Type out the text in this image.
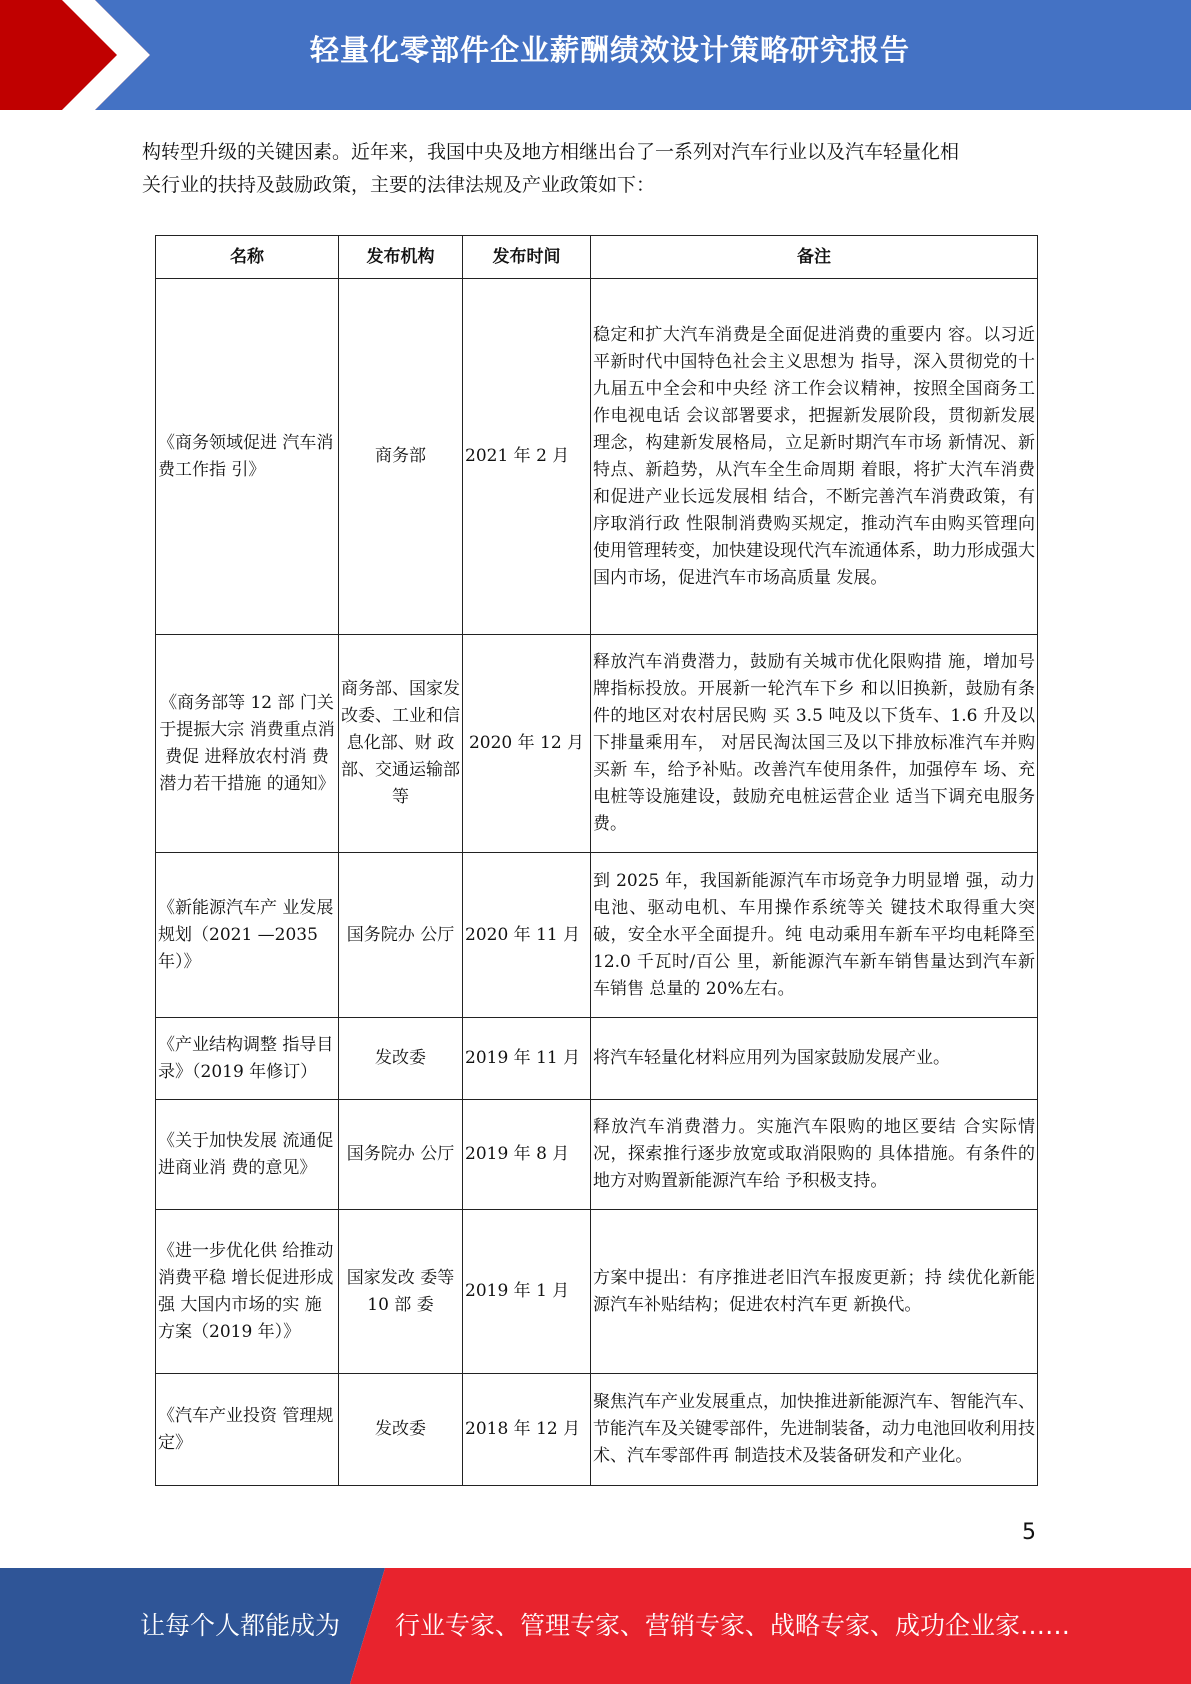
轻量化零部件企业薪酬绩效设计策略研究报告

构转型升级的关键因素。近年来，我国中央及地方相继出台了一系列对汽车行业以及汽车轻量化相

关行业的扶持及鼓励政策，主要的法律法规及产业政策如下：

名称	发布机构	发布时间	备注
《商务领域促进 汽车消费工作指 引》	商务部	2021 年 2 月	稳定和扩大汽车消费是全面促进消费的重要内 容。以习近平新时代中国特色社会主义思想为 指导，深入贯彻党的十九届五中全会和中央经 济工作会议精神，按照全国商务工作电视电话 会议部署要求，把握新发展阶段，贯彻新发展 理念，构建新发展格局，立足新时期汽车市场 新情况、新特点、新趋势，从汽车全生命周期 着眼，将扩大汽车消费和促进产业长远发展相 结合，不断完善汽车消费政策，有序取消行政 性限制消费购买规定，推动汽车由购买管理向 使用管理转变，加快建设现代汽车流通体系，助力形成强大国内市场，促进汽车市场高质量 发展。
《商务部等 12 部 门关于提振大宗 消费重点消费促 进释放农村消 费潜力若干措施 的通知》	商务部、国家发改委、工业和信 息化部、财 政部、交通运输部等	2020 年 12 月	释放汽车消费潜力，鼓励有关城市优化限购措 施，增加号牌指标投放。开展新一轮汽车下乡 和以旧换新，鼓励有条件的地区对农村居民购 买 3.5 吨及以下货车、1.6 升及以下排量乘用车， 对居民淘汰国三及以下排放标准汽车并购买新 车，给予补贴。改善汽车使用条件，加强停车 场、充电桩等设施建设，鼓励充电桩运营企业 适当下调充电服务费。
《新能源汽车产 业发展规划（2021 —2035 年）》	国务院办 公厅	2020 年 11 月	到 2025 年，我国新能源汽车市场竞争力明显增 强，动力电池、驱动电机、车用操作系统等关 键技术取得重大突破，安全水平全面提升。纯 电动乘用车新车平均电耗降至 12.0 千瓦时/百公 里，新能源汽车新车销售量达到汽车新车销售 总量的 20%左右。
《产业结构调整 指导目录》（2019 年修订）	发改委	2019 年 11 月	将汽车轻量化材料应用列为国家鼓励发展产业。
《关于加快发展 流通促进商业消 费的意见》	国务院办 公厅	2019 年 8 月	释放汽车消费潜力。实施汽车限购的地区要结 合实际情况，探索推行逐步放宽或取消限购的 具体措施。有条件的地方对购置新能源汽车给 予积极支持。
《进一步优化供 给推动消费平稳 增长促进形成强 大国内市场的实 施方案（2019 年）》	国家发改 委等 10 部 委	2019 年 1 月	方案中提出：有序推进老旧汽车报废更新；持 续优化新能源汽车补贴结构；促进农村汽车更 新换代。
《汽车产业投资 管理规定》	发改委	2018 年 12 月	聚焦汽车产业发展重点，加快推进新能源汽车、智能汽车、节能汽车及关键零部件，先进制装备，动力电池回收利用技术、汽车零部件再 制造技术及装备研发和产业化。
5
让每个人都能成为 行业专家、管理专家、营销专家、战略专家、成功企业家……
